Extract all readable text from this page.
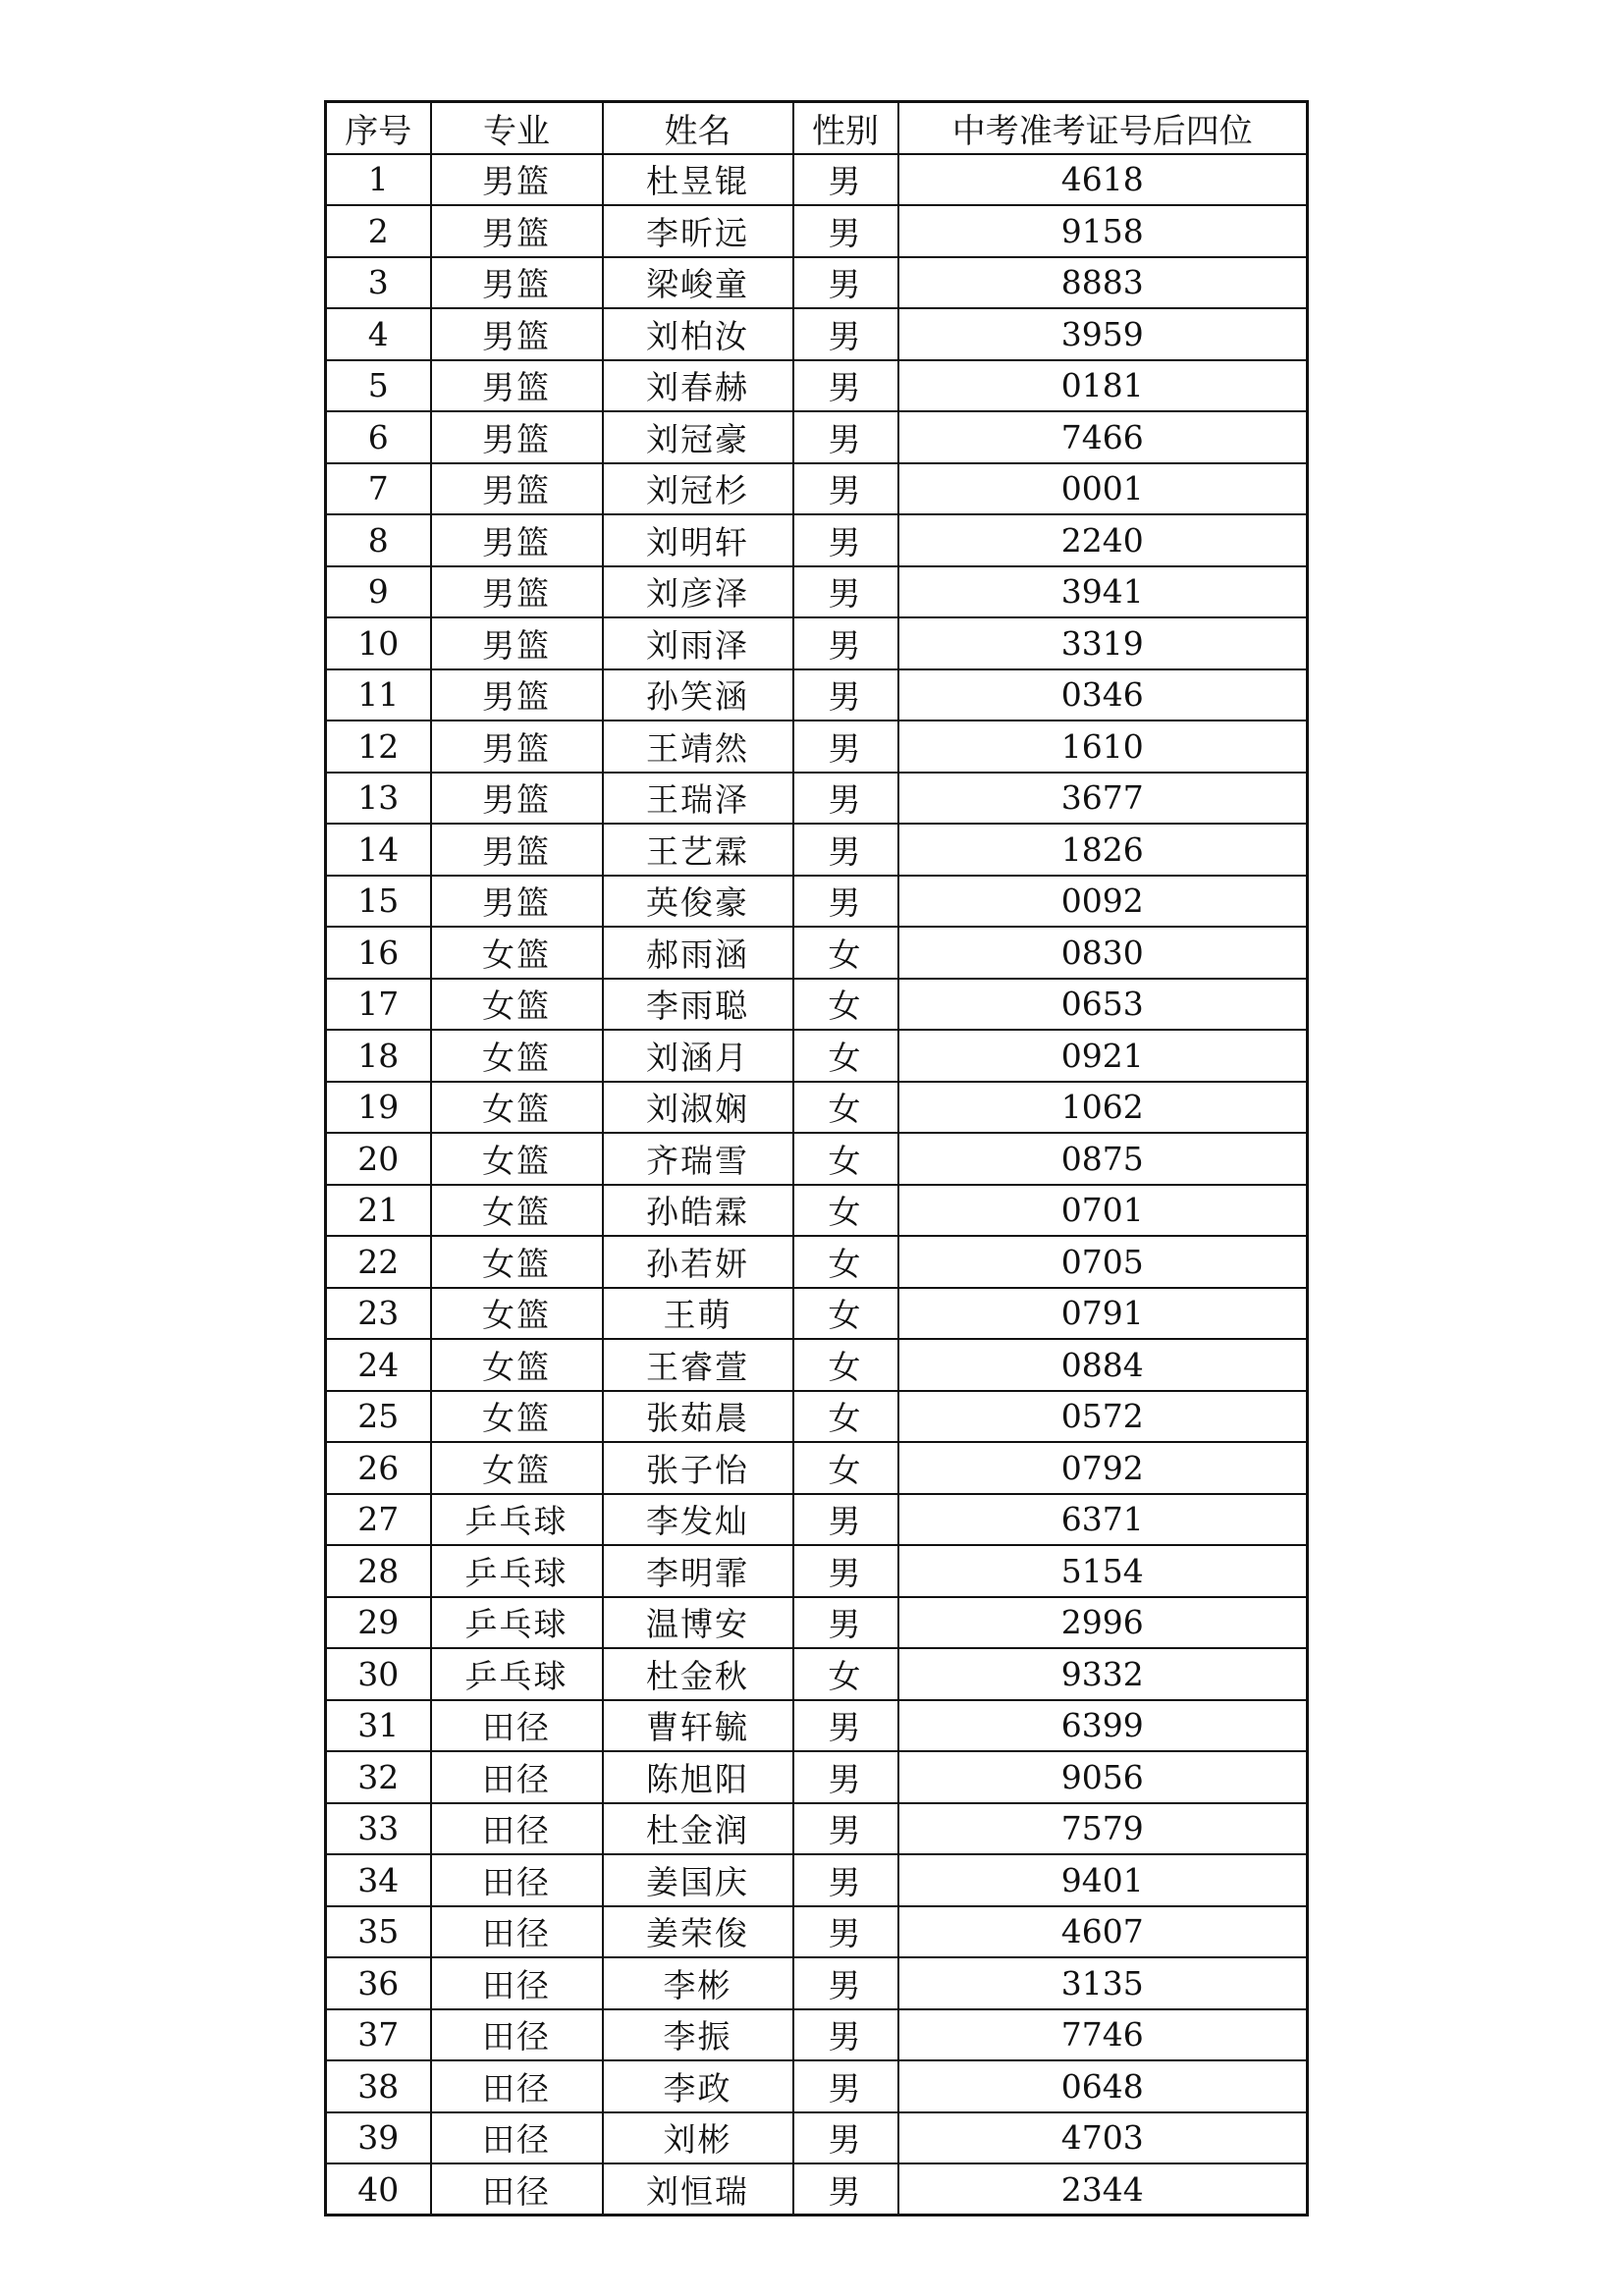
序号	专业	姓名	性别	中考准考证号后四位
1	男篮	杜昱锟	男	4618
2	男篮	李昕远	男	9158
3	男篮	梁峻童	男	8883
4	男篮	刘柏汝	男	3959
5	男篮	刘春赫	男	0181
6	男篮	刘冠豪	男	7466
7	男篮	刘冠杉	男	0001
8	男篮	刘明轩	男	2240
9	男篮	刘彦泽	男	3941
10	男篮	刘雨泽	男	3319
11	男篮	孙笑涵	男	0346
12	男篮	王靖然	男	1610
13	男篮	王瑞泽	男	3677
14	男篮	王艺霖	男	1826
15	男篮	英俊豪	男	0092
16	女篮	郝雨涵	女	0830
17	女篮	李雨聪	女	0653
18	女篮	刘涵月	女	0921
19	女篮	刘淑娴	女	1062
20	女篮	齐瑞雪	女	0875
21	女篮	孙皓霖	女	0701
22	女篮	孙若妍	女	0705
23	女篮	王萌	女	0791
24	女篮	王睿萱	女	0884
25	女篮	张茹晨	女	0572
26	女篮	张子怡	女	0792
27	乒乓球	李发灿	男	6371
28	乒乓球	李明霏	男	5154
29	乒乓球	温博安	男	2996
30	乒乓球	杜金秋	女	9332
31	田径	曹轩毓	男	6399
32	田径	陈旭阳	男	9056
33	田径	杜金润	男	7579
34	田径	姜国庆	男	9401
35	田径	姜荣俊	男	4607
36	田径	李彬	男	3135
37	田径	李振	男	7746
38	田径	李政	男	0648
39	田径	刘彬	男	4703
40	田径	刘恒瑞	男	2344
